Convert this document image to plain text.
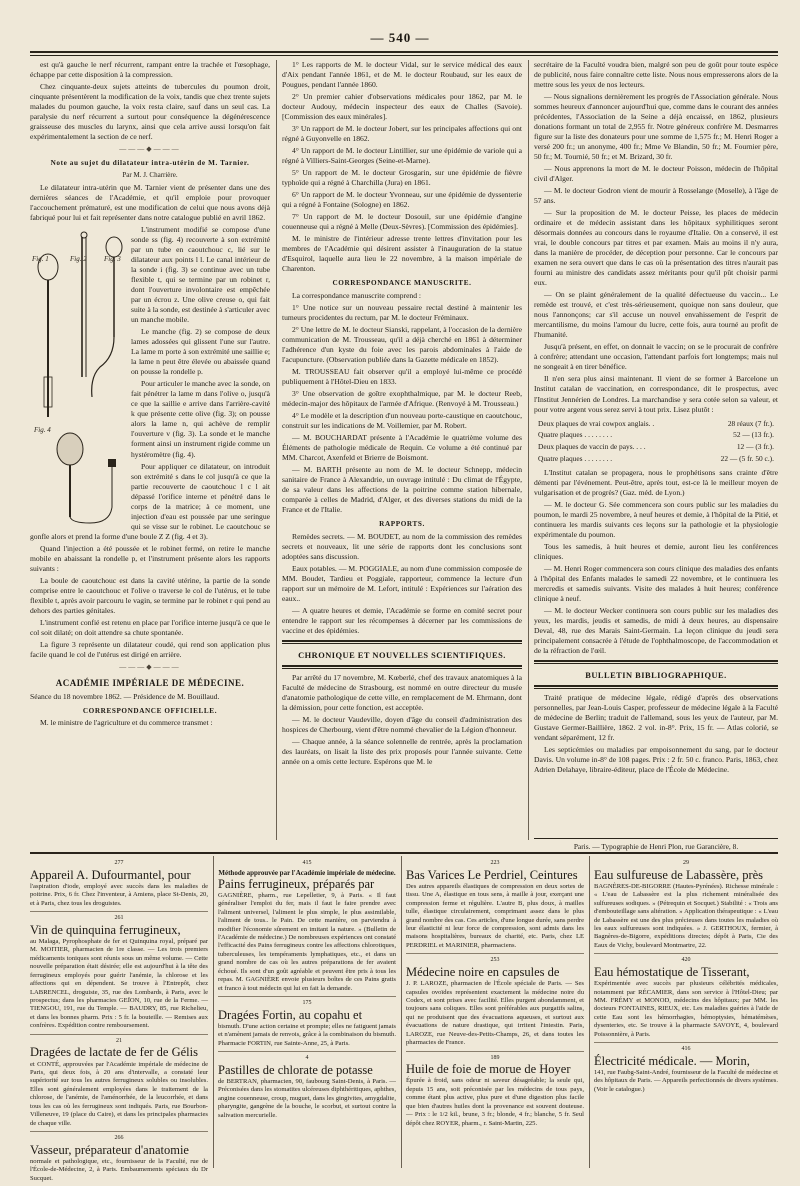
— 540 —

est qu'à gauche le nerf récurrent, rampant entre la trachée et l'œsophage, échappe par cette disposition à la compression.

Chez cinquante-deux sujets atteints de tubercules du poumon droit, cinquante présentèrent la modification de la voix, tandis que chez trente sujets malades du poumon gauche, la voix resta claire, sauf dans un seul cas. La paralysie du nerf récurrent a surtout pour conséquence la dégénérescence graisseuse des muscles du larynx, ainsi que cela arrive aussi lorsqu'on fait expérimentalement la section de ce nerf.

———◆———
Note au sujet du dilatateur intra-utérin de M. Tarnier.
Par M. J. Charrière.

Le dilatateur intra-utérin que M. Tarnier vient de présenter dans une des dernières séances de l'Académie, et qu'il emploie pour provoquer l'accouchement prématuré, est une modification de celui que nous avons déjà fabriqué pour lui et fait représenter dans notre catalogue publié en avril 1862.

Fig. 1	Fig. 2 Fig. 3
Fig. 4

L'instrument modifié se compose d'une sonde ss (fig. 4) recouverte à son extrémité par un tube en caoutchouc c, lié sur le dilatateur aux points l l. Le canal intérieur de la sonde i (fig. 3) se continue avec un tube flexible t, qui se termine par un robinet r, dont l'ouverture involontaire est empêchée par un écrou z. Une olive creuse o, qui fait suite à la sonde, est destinée à s'articuler avec un manche mobile.

Le manche (fig. 2) se compose de deux lames adossées qui glissent l'une sur l'autre. La lame m porte à son extrémité une saillie e; la lame n peut être élevée ou abaissée quand on pousse la rondelle p.

Pour articuler le manche avec la sonde, on fait pénétrer la lame m dans l'olive o, jusqu'à ce que la saillie e arrive dans l'arrière-cavité k que présente cette olive (fig. 3); on pousse alors la lame n, qui achève de remplir l'ouverture v (fig. 3). La sonde et le manche forment ainsi un instrument rigide comme un hystéromètre (fig. 4).

Pour appliquer ce dilatateur, on introduit son extrémité s dans le col jusqu'à ce que la partie recouverte de caoutchouc l c l ait dépassé l'orifice interne et pénétré dans le corps de la matrice; à ce moment, une injection d'eau est poussée par une seringue qui se visse sur le robinet. Le caoutchouc se gonfle alors et prend la forme d'une boule Z Z (fig. 4 et 3).

Quand l'injection a été poussée et le robinet fermé, on retire le manche mobile en abaissant la rondelle p, et l'instrument présente alors les rapports suivants :

La boule de caoutchouc est dans la cavité utérine, la partie de la sonde comprise entre le caoutchouc et l'olive o traverse le col de l'utérus, et le tube flexible t, après avoir parcouru le vagin, se termine par le robinet r qui pend au dehors des parties génitales.

L'instrument confié est retenu en place par l'orifice interne jusqu'à ce que le col soit dilaté; on doit attendre sa chute spontanée.

La figure 3 représente un dilatateur coudé, qui rend son application plus facile quand le col de l'utérus est dirigé en arrière.

———◆———
ACADÉMIE IMPÉRIALE DE MÉDECINE.

Séance du 18 novembre 1862. — Présidence de M. Bouillaud.

CORRESPONDANCE OFFICIELLE.

M. le ministre de l'agriculture et du commerce transmet :

1° Les rapports de M. le docteur Vidal, sur le service médical des eaux d'Aix pendant l'année 1861, et de M. le docteur Roubaud, sur les eaux de Pougues, pendant l'année 1860.

2° Un premier cahier d'observations médicales pour 1862, par M. le docteur Audouy, médecin inspecteur des eaux de Challes (Savoie). [Commission des eaux minérales].

3° Un rapport de M. le docteur Jobert, sur les principales affections qui ont régné à Guyonvelle en 1862.

4° Un rapport de M. le docteur Lintillier, sur une épidémie de variole qui a régné à Villiers-Saint-Georges (Seine-et-Marne).

5° Un rapport de M. le docteur Grosgarin, sur une épidémie de fièvre typhoïde qui a régné à Charchilla (Jura) en 1861.

6° Un rapport de M. le docteur Yvonneau, sur une épidémie de dyssenterie qui a régné à Fontaine (Sologne) en 1862.

7° Un rapport de M. le docteur Dosouil, sur une épidémie d'angine couenneuse qui a régné à Melle (Deux-Sèvres). [Commission des épidémies].

M. le ministre de l'intérieur adresse trente lettres d'invitation pour les membres de l'Académie qui désirent assister à l'inauguration de la statue d'Esquirol, laquelle aura lieu le 22 novembre, à la maison impériale de Charenton.

CORRESPONDANCE MANUSCRITE.

La correspondance manuscrite comprend :

1° Une notice sur un nouveau pessaire rectal destiné à maintenir les tumeurs procidentes du rectum, par M. le docteur Fréminaux.

2° Une lettre de M. le docteur Sianski, rappelant, à l'occasion de la dernière communication de M. Trousseau, qu'il a déjà cherché en 1861 à déterminer l'adhérence d'un kyste du foie avec les parois abdominales à l'aide de l'acupuncture. (Observation publiée dans la Gazette médicale en 1852).

M. TROUSSEAU fait observer qu'il a employé lui-même ce procédé publiquement à l'Hôtel-Dieu en 1833.

3° Une observation de goître exophthalmique, par M. le docteur Reeb, médecin-major des hôpitaux de l'armée d'Afrique. (Renvoyé à M. Trousseau.)

4° Le modèle et la description d'un nouveau porte-caustique en caoutchouc, construit sur les indications de M. Voillemier, par M. Robert.

— M. BOUCHARDAT présente à l'Académie le quatrième volume des Éléments de pathologie médicale de Requin. Ce volume a été continué par MM. Charcot, Axenfeld et Brierre de Boismont.

— M. BARTH présente au nom de M. le docteur Schnepp, médecin sanitaire de France à Alexandrie, un ouvrage intitulé : Du climat de l'Égypte, de sa valeur dans les affections de la poitrine comme station hibernale, comparée à celles de Madrid, d'Alger, et des diverses stations du midi de la France et de l'Italie.

RAPPORTS.

Remèdes secrets. — M. BOUDET, au nom de la commission des remèdes secrets et nouveaux, lit une série de rapports dont les conclusions sont adoptées sans discussion.

Eaux potables. — M. POGGIALE, au nom d'une commission composée de MM. Boudet, Tardieu et Poggiale, rapporteur, commence la lecture d'un rapport sur un mémoire de M. Lefort, intitulé : Expériences sur l'aération des eaux..

— A quatre heures et demie, l'Académie se forme en comité secret pour entendre le rapport sur les récompenses à décerner par les commissions de vaccine et des épidémies.

CHRONIQUE ET NOUVELLES SCIENTIFIQUES.

Par arrêté du 17 novembre, M. Kœberlé, chef des travaux anatomiques à la Faculté de médecine de Strasbourg, est nommé en outre directeur du musée d'anatomie pathologique de cette ville, en remplacement de M. Ehrmann, dont la démission, pour cette fonction, est acceptée.

— M. le docteur Vaudeville, doyen d'âge du conseil d'administration des hospices de Cherbourg, vient d'être nommé chevalier de la Légion d'honneur.

— Chaque année, à la séance solennelle de rentrée, après la proclamation des lauréats, on lisait la liste des prix proposés pour l'année suivante. Cette année on a omis cette lecture. Espérons que M. le

secrétaire de la Faculté voudra bien, malgré son peu de goût pour toute espèce de publicité, nous faire connaître cette liste. Nous nous empresserons alors de la mettre sous les yeux de nos lecteurs.

— Nous signalions dernièrement les progrès de l'Association générale. Nous sommes heureux d'annoncer aujourd'hui que, comme dans le courant des années précédentes, l'Association de la Seine a déjà encaissé, en 1862, plusieurs donations formant un total de 2,955 fr. Notre généreux confrère M. Desmarres figure sur la liste des donateurs pour une somme de 1,575 fr.; M. Henri Roger a versé 200 fr.; un anonyme, 400 fr.; Mme Ve Blandin, 50 fr.; M. Fournier père, 50 fr.; M. Tournié, 50 fr.; et M. Brizard, 30 fr.

— Nous apprenons la mort de M. le docteur Poisson, médecin de l'hôpital civil d'Alger.

— M. le docteur Godron vient de mourir à Rosselange (Moselle), à l'âge de 57 ans.

— Sur la proposition de M. le docteur Peisse, les places de médecin ordinaire et de médecin assistant dans les hôpitaux syphilitiques seront désormais données au concours dans le royaume d'Italie. On a conservé, il est vrai, le double concours par titres et par examen. Mais au moins il n'y aura, dans la manière de procéder, de déception pour personne. Car le concours par examen ne sera ouvert que dans le cas où la présentation des titres n'aurait pas fourni au ministre des candidats assez méritants pour qu'il pût choisir parmi eux.

— On se plaint généralement de la qualité défectueuse du vaccin... Le remède est trouvé, et c'est très-sérieusement, quoique non sans douleur, que nous l'annonçons; car s'il accuse un nouvel envahissement de l'esprit de mercantilisme, du moins l'amour du lucre, cette fois, aura tourné au profit de l'humanité.

Jusqu'à présent, en effet, on donnait le vaccin; on se le procurait de confrère à confrère; attendant une occasion, l'attendant parfois fort longtemps; mais nul ne songeait à en tirer bénéfice.

Il n'en sera plus ainsi maintenant. Il vient de se former à Barcelone un Institut catalan de vaccination, en correspondance, dit le prospectus, avec l'Institut Jennérien de Londres. La marchandise y sera cotée selon sa valeur, et pour votre argent vous serez servi à tout prix. Lisez plutôt :

Deux plaques de vrai cowpox anglais. .	28 réaux (7 fr.).
Quatre plaques . . . . . . . .	52 — (13 fr.).
Deux plaques de vaccin de pays. . . .	12 — (3 fr.).
Quatre plaques . . . . . . . .	22 — (5 fr. 50 c.).

L'Institut catalan se propagera, nous le prophétisons sans crainte d'être démenti par l'événement. Peut-être, après tout, est-ce là le meilleur moyen de vulgarisation et de progrès? (Gaz. méd. de Lyon.)

— M. le docteur G. Sée commencera son cours public sur les maladies du poumon, le mardi 25 novembre, à neuf heures et demie, à l'hôpital de la Pitié, et continuera les mardis suivants ces leçons sur la pathologie et la physiologie expérimentale du poumon.

Tous les samedis, à huit heures et demie, auront lieu les conférences cliniques.

— M. Henri Roger commencera son cours clinique des maladies des enfants à l'hôpital des Enfants malades le samedi 22 novembre, et le continuera les mercredis et samedis suivants. Visite des malades à huit heures; conférence clinique à neuf.

— M. le docteur Wecker continuera son cours public sur les maladies des yeux, les mardis, jeudis et samedis, de midi à deux heures, au dispensaire Deval, 48, rue des Marais Saint-Germain. La leçon clinique du jeudi sera principalement consacrée à l'étude de l'ophthalmoscope, de l'accommodation et de la réfraction de l'œil.

BULLETIN BIBLIOGRAPHIQUE.

Traité pratique de médecine légale, rédigé d'après des observations personnelles, par Jean-Louis Casper, professeur de médecine légale à la Faculté de médecine de Berlin; traduit de l'allemand, sous les yeux de l'auteur, par M. Gustave Germer-Baillière, 1862. 2 vol. in-8°. Prix, 15 fr. — Atlas colorié, se vendant séparément, 12 fr.

Les septicémies ou maladies par empoisonnement du sang, par le docteur Davis. Un volume in-8° de 108 pages. Prix : 2 fr. 50 c. franco. Paris, 1863, chez Adrien Delahaye, libraire-éditeur, place de l'École de Médecine.

Paris. — Typographie de Henri Plon, rue Garancière, 8.
277
Appareil A. Dufourmantel, pour
l'aspiration d'iode, employé avec succès dans les maladies de poitrine. Prix, 6 fr. Chez l'inventeur, à Amiens, place St-Denis, 20, et à Paris, chez tous les droguistes.
261
Vin de quinquina ferrugineux,
au Malaga, Pyrophosphate de fer et Quinquina royal, préparé par M. MOITIER, pharmacien de 1re classe. — Les trois premiers médicaments toniques sont réunis sous un même volume. — Cette nouvelle préparation était désirée; elle est aujourd'hui à la tête des ferrugineux employés pour guérir l'anémie, la chlorose et les affections qui en dépendent. Se trouve à l'Entrepôt, chez LABRENCEL, droguiste, 35, rue des Lombards, à Paris, avec le prospectus; dans les pharmacies GEÏON, 10, rue de la Ferme. — TIENGOU, 191, rue du Temple. — BAUDRY, 85, rue Richelieu, et dans les bonnes pharm. Prix : 5 fr. la bouteille. — Remises aux confrères. Expédition contre remboursement.
21
Dragées de lactate de fer de Gélis
et CONTÉ, approuvées par l'Académie impériale de médecine de Paris, qui deux fois, à 20 ans d'intervalle, a constaté leur supériorité sur tous les autres ferrugineux solubles ou insolubles. Elles sont généralement employées dans le traitement de la chlorose, de l'anémie, de l'aménorrhée, de la leucorrhée, et dans tous les cas où les ferrugineux sont indiqués. Paris, rue Bourbon-Villeneuve, 19 (place du Caire), et dans les principales pharmacies de chaque ville.
266
Vasseur, préparateur d'anatomie
normale et pathologique, etc., fournisseur de la Faculté, rue de l'École-de-Médecine, 2, à Paris. Embaumements spéciaux du Dr Sucquet.
415
Méthode approuvée par l'Académie impériale de médecine.
Pains ferrugineux, préparés par
GAGNIÈRE, pharm., rue Lepelletier, 9, à Paris. « Il faut généraliser l'emploi du fer, mais il faut le faire prendre avec l'aliment universel, l'aliment le plus simple, le plus assimilable, l'aliment de tous.. le Pain. De cette manière, on parviendra à modifier l'économie sûrement en imitant la nature. » (Bulletin de l'Académie de médecine.) De nombreuses expériences ont constaté l'efficacité des Pains ferrugineux contre les affections chlorotiques, tuberculeuses, les tempéraments lymphatiques, etc., et dans un grand nombre de cas où les autres préparations de fer avaient échoué. Ils sont d'un goût agréable et peuvent être pris à tous les repas. M. GAGNIÈRE envoie plusieurs boîtes de ces Pains gratis et franco à tout médecin qui lui en fait la demande.
175
Dragées Fortin, au copahu et
bismuth. D'une action certaine et prompte; elles ne fatiguent jamais et n'amènent jamais de renvois, grâce à la combinaison du bismuth. Pharmacie FORTIN, rue Sainte-Anne, 25, à Paris.
4
Pastilles de chlorate de potasse
de BERTRAN, pharmacien, 90, faubourg Saint-Denis, à Paris. — Préconisées dans les stomatites ulcéreuses diphthéritiques, aphthes, angine couenneuse, croup, muguet, dans les gingivites, amygdalite, pharyngite, gangrène de la bouche, le scorbut, et surtout contre la salivation mercurielle.
223
Bas Varices Le Perdriel, Ceintures
Des autres appareils élastiques de compression en deux sortes de tissu. Une A, élastique en tous sens, à maille à jour, exerçant une compression ferme et régulière. L'autre B, plus doux, à mailles tulle, élastique circulairement, comprimant assez dans le plus grand nombre des cas. Ces articles, d'une longue durée, sans perdre leur élasticité ni leur force de compression, sont admis dans les maisons hospitalières, bureaux de charité, etc. Paris, chez LE PERDRIEL et MARINIER, pharmaciens.
253
Médecine noire en capsules de
J. P. LAROZE, pharmacien de l'École spéciale de Paris. — Ses capsules ovoïdes représentent exactement la médecine noire du Codex, et sont prises avec facilité. Elles purgent abondamment, et toujours sans coliques. Elles sont préférables aux purgatifs salins, qui ne produisent que des évacuations aqueuses, et surtout aux évacuations de nature drastique, qui irritent l'intestin. Paris, LAROZE, rue Neuve-des-Petits-Champs, 26, et dans toutes les pharmacies de France.
189
Huile de foie de morue de Hoyer
Épurée à froid, sans odeur ni saveur désagréable; la seule qui, depuis 15 ans, soit préconisée par les médecins de tous pays, comme étant plus active, plus pure et d'une digestion plus facile que bien d'autres huiles dont la provenance est souvent douteuse. — Prix : le 1/2 kil., brune, 3 fr.; blonde, 4 fr.; blanche, 5 fr. Seul dépôt chez ROYER, pharm., r. Saint-Martin, 225.
29
Eau sulfureuse de Labassère, près
BAGNÈRES-DE-BIGORRE (Hautes-Pyrénées). Richesse minérale : « L'eau de Labassère est la plus richement minéralisée des sulfureuses sodiques. » (Pétrequin et Socquet.) Stabilité : « Trois ans d'embouteillage sans altération. » Application thérapeutique : « L'eau de Labassère est une des plus précieuses dans toutes les maladies où les eaux sulfureuses sont indiquées. » J. GERTHOUX, fermier, à Bagnères-de-Bigorre, expéditions directes; dépôt à Paris, Cie des Eaux de Vichy, boulevard Montmartre, 22.
420
Eau hémostatique de Tisserant,
Expérimentée avec succès par plusieurs célébrités médicales, notamment par RÉCAMIER, dans son service à l'Hôtel-Dieu; par MM. FRÉMY et MONOD, médecins des hôpitaux; par MM. les docteurs FONTAINES, RIEUX, etc. Les maladies guéries à l'aide de cette Eau sont les hémorrhagies, hémoptysies, hématémèses, dysenteries, etc. Se trouve à la pharmacie SAVOYE, 4, boulevard Poissonnière, à Paris.
416
Électricité médicale. — Morin,
141, rue Faubg-Saint-André, fournisseur de la Faculté de médecine et des hôpitaux de Paris. — Appareils perfectionnés de divers systèmes. (Voir le catalogue.)
